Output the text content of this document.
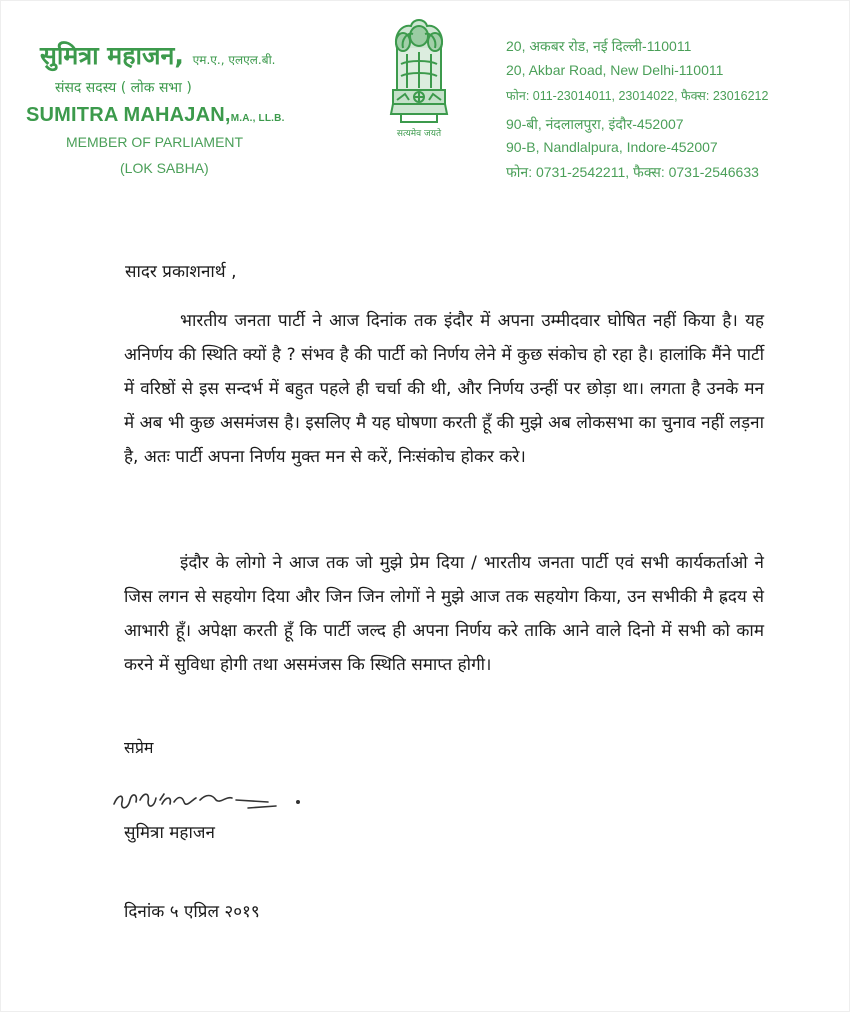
सुमित्रा महाजन, एम.ए., एलएल.बी.
संसद सदस्य ( लोक सभा )
SUMITRA MAHAJAN,M.A., LL.B.
MEMBER OF PARLIAMENT
(LOK SABHA)
सत्यमेव जयते
20, अकबर रोड, नई दिल्ली-110011
20, Akbar Road, New Delhi-110011
फोन: 011-23014011, 23014022, फैक्स: 23016212
90-बी, नंदलालपुरा, इंदौर-452007
90-B, Nandlalpura, Indore-452007
फोन: 0731-2542211, फैक्स: 0731-2546633
सादर प्रकाशनार्थ ,
भारतीय जनता पार्टी ने आज दिनांक तक इंदौर में अपना उम्मीदवार घोषित नहीं किया है। यह अनिर्णय की स्थिति क्यों है ? संभव है की पार्टी को निर्णय लेने में कुछ संकोच हो रहा है। हालांकि मैंने पार्टी में वरिष्ठों से इस सन्दर्भ में बहुत पहले ही चर्चा की थी, और निर्णय उन्हीं पर छोड़ा था। लगता है उनके मन में अब भी कुछ असमंजस है। इसलिए मै यह घोषणा करती हूँ की मुझे अब लोकसभा का चुनाव नहीं लड़ना है, अतः पार्टी अपना निर्णय मुक्त मन से करें, निःसंकोच होकर करे।
इंदौर के लोगो ने आज तक जो मुझे प्रेम दिया / भारतीय जनता पार्टी एवं सभी कार्यकर्ताओ ने जिस लगन से सहयोग दिया और जिन जिन लोगों ने मुझे आज तक सहयोग किया, उन सभीकी मै ह्रदय से आभारी हूँ। अपेक्षा करती हूँ कि पार्टी जल्द ही अपना निर्णय करे ताकि आने वाले दिनो में सभी को काम करने में सुविधा होगी तथा असमंजस कि स्थिति समाप्त होगी।
सप्रेम
सुमित्रा महाजन
दिनांक ५ एप्रिल २०१९
